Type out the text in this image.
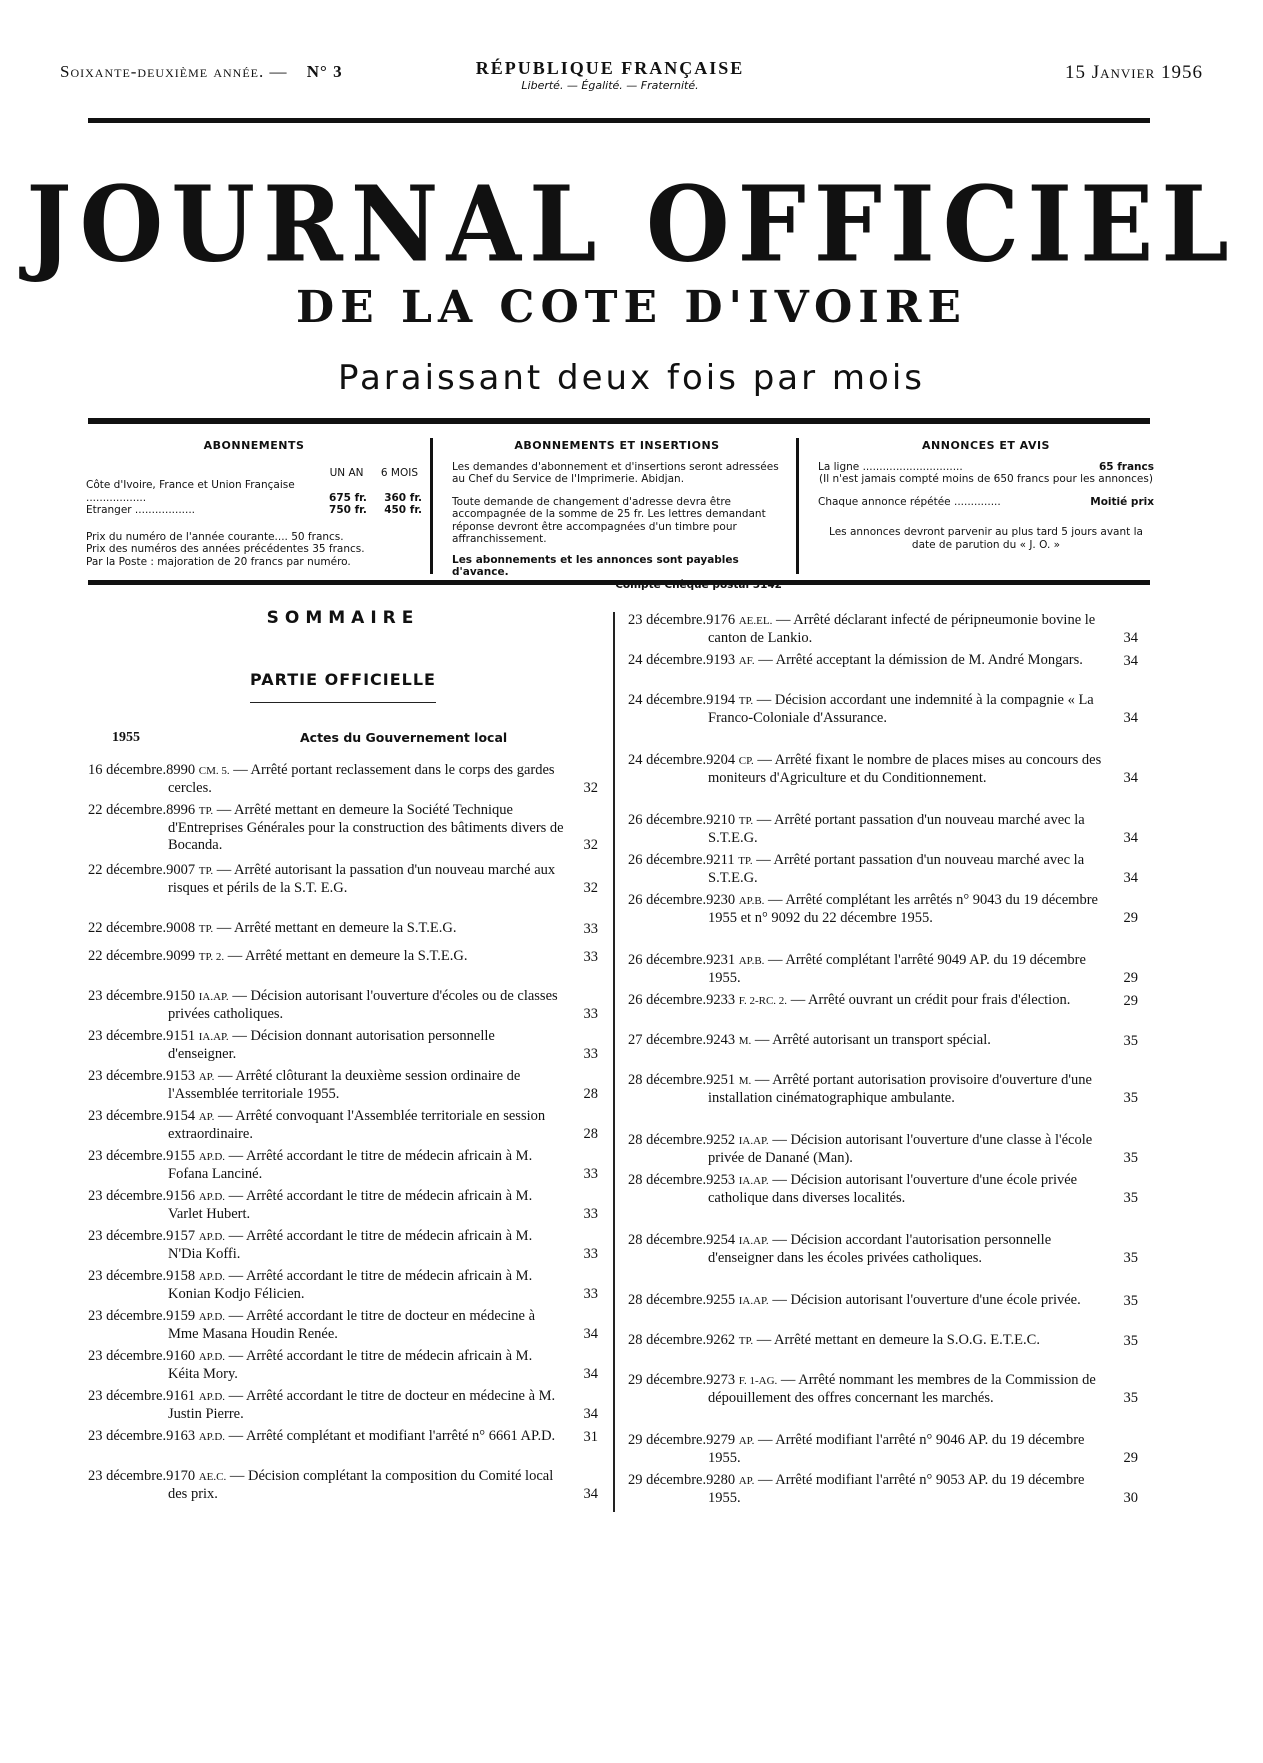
Soixante-deuxième année. — N° 3	RÉPUBLIQUE FRANÇAISE
Liberté. — Égalité. — Fraternité.
15 Janvier 1956
JOURNAL OFFICIEL
DE LA COTE D'IVOIRE
Paraissant deux fois par mois
ABONNEMENTS
UN AN 6 MOIS
Côte d'Ivoire, France et Union Française ..................	675 fr. 360 fr.
Etranger ..................	750 fr. 450 fr.
Prix du numéro de l'année courante.... 50 francs.
Prix des numéros des années précédentes 35 francs.
Par la Poste : majoration de 20 francs par numéro.
ABONNEMENTS ET INSERTIONS
Les demandes d'abonnement et d'insertions seront adressées au Chef du Service de l'Imprimerie. Abidjan.
Toute demande de changement d'adresse devra être accompagnée de la somme de 25 fr. Les lettres demandant réponse devront être accompagnées d'un timbre pour affranchissement.
Les abonnements et les annonces sont payables d'avance.
ANNONCES ET AVIS
La ligne ..............................	65 francs
(Il n'est jamais compté moins de 650 francs pour les annonces)
Chaque annonce répétée ..............	Moitié prix
Les annonces devront parvenir au plus tard 5 jours avant la date de parution du « J. O. »
SOMMAIRE
PARTIE OFFICIELLE
1955	Actes du Gouvernement local
16 décembre.8990 CM. 5. — Arrêté portant reclassement dans le corps des gardes cercles.	32
22 décembre.8996 TP. — Arrêté mettant en demeure la Société Technique d'Entreprises Générales pour la construction des bâtiments divers de Bocanda.	32
22 décembre.9007 TP. — Arrêté autorisant la passation d'un nouveau marché aux risques et périls de la S.T. E.G.	32
22 décembre.9008 TP. — Arrêté mettant en demeure la S.T.E.G.	33
22 décembre.9099 TP. 2. — Arrêté mettant en demeure la S.T.E.G.	33
23 décembre.9150 IA.AP. — Décision autorisant l'ouverture d'écoles ou de classes privées catholiques.	33
23 décembre.9151 IA.AP. — Décision donnant autorisation personnelle d'enseigner.	33
23 décembre.9153 AP. — Arrêté clôturant la deuxième session ordinaire de l'Assemblée territoriale 1955.	28
23 décembre.9154 AP. — Arrêté convoquant l'Assemblée territoriale en session extraordinaire.	28
23 décembre.9155 AP.D. — Arrêté accordant le titre de médecin africain à M. Fofana Lanciné.	33
23 décembre.9156 AP.D. — Arrêté accordant le titre de médecin africain à M. Varlet Hubert.	33
23 décembre.9157 AP.D. — Arrêté accordant le titre de médecin africain à M. N'Dia Koffi.	33
23 décembre.9158 AP.D. — Arrêté accordant le titre de médecin africain à M. Konian Kodjo Félicien.	33
23 décembre.9159 AP.D. — Arrêté accordant le titre de docteur en médecine à Mme Masana Houdin Renée.	34
23 décembre.9160 AP.D. — Arrêté accordant le titre de médecin africain à M. Kéita Mory.	34
23 décembre.9161 AP.D. — Arrêté accordant le titre de docteur en médecine à M. Justin Pierre.	34
23 décembre.9163 AP.D. — Arrêté complétant et modifiant l'arrêté n° 6661 AP.D.	31
23 décembre.9170 AE.C. — Décision complétant la composition du Comité local des prix.	34
23 décembre.9176 AE.EL. — Arrêté déclarant infecté de péripneumonie bovine le canton de Lankio.	34
24 décembre.9193 AF. — Arrêté acceptant la démission de M. André Mongars.	34
24 décembre.9194 TP. — Décision accordant une indemnité à la compagnie « La Franco-Coloniale d'Assurance.	34
24 décembre.9204 CP. — Arrêté fixant le nombre de places mises au concours des moniteurs d'Agriculture et du Conditionnement.	34
26 décembre.9210 TP. — Arrêté portant passation d'un nouveau marché avec la S.T.E.G.	34
26 décembre.9211 TP. — Arrêté portant passation d'un nouveau marché avec la S.T.E.G.	34
26 décembre.9230 AP.B. — Arrêté complétant les arrêtés n° 9043 du 19 décembre 1955 et n° 9092 du 22 décembre 1955.	29
26 décembre.9231 AP.B. — Arrêté complétant l'arrêté 9049 AP. du 19 décembre 1955.	29
26 décembre.9233 F. 2-RC. 2. — Arrêté ouvrant un crédit pour frais d'élection.	29
27 décembre.9243 M. — Arrêté autorisant un transport spécial.	35
28 décembre.9251 M. — Arrêté portant autorisation provisoire d'ouverture d'une installation cinématographique ambulante.	35
28 décembre.9252 IA.AP. — Décision autorisant l'ouverture d'une classe à l'école privée de Danané (Man).	35
28 décembre.9253 IA.AP. — Décision autorisant l'ouverture d'une école privée catholique dans diverses localités.	35
28 décembre.9254 IA.AP. — Décision accordant l'autorisation personnelle d'enseigner dans les écoles privées catholiques.	35
28 décembre.9255 IA.AP. — Décision autorisant l'ouverture d'une école privée.	35
28 décembre.9262 TP. — Arrêté mettant en demeure la S.O.G. E.T.E.C.	35
29 décembre.9273 F. 1-AG. — Arrêté nommant les membres de la Commission de dépouillement des offres concernant les marchés.	35
29 décembre.9279 AP. — Arrêté modifiant l'arrêté n° 9046 AP. du 19 décembre 1955.	29
29 décembre.9280 AP. — Arrêté modifiant l'arrêté n° 9053 AP. du 19 décembre 1955.	30
